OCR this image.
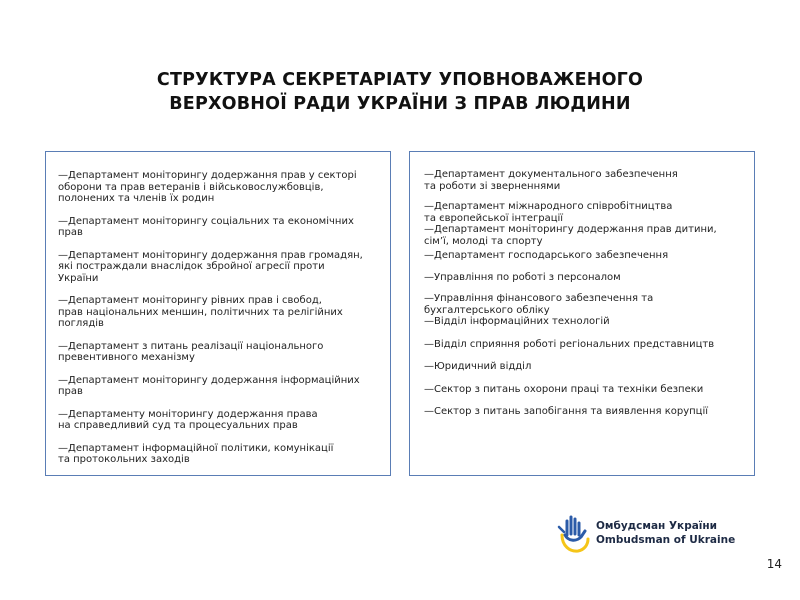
СТРУКТУРА СЕКРЕТАРІАТУ УПОВНОВАЖЕНОГО
ВЕРХОВНОЇ РАДИ УКРАЇНИ З ПРАВ ЛЮДИНИ

—Департамент моніторингу додержання прав у секторі
оборони та прав ветеранів і військовослужбовців,
полонених та членів їх родин

—Департамент моніторингу соціальних та економічних
прав

—Департамент моніторингу додержання прав громадян,
які постраждали внаслідок збройної агресії проти
України

—Департамент моніторингу рівних прав і свобод,
прав національних меншин, політичних та релігійних
поглядів

—Департамент з питань реалізації національного
превентивного механізму

—Департамент моніторингу додержання інформаційних
прав

—Департаменту моніторингу додержання права
на справедливий суд та процесуальних прав

—Департамент інформаційної політики, комунікації
та протокольних заходів

—Департамент документального забезпечення
та роботи зі зверненнями

—Департамент міжнародного співробітництва
та європейської інтеграції

—Департамент моніторингу додержання прав дитини,
сім’ї, молоді та спорту

—Департамент господарського забезпечення

—Управління по роботі з персоналом

—Управління фінансового забезпечення та
бухгалтерського обліку

—Відділ інформаційних технологій

—Відділ сприяння роботі регіональних представництв

—Юридичний відділ

—Сектор з питань охорони праці та техніки безпеки

—Сектор з питань запобігання та виявлення корупції

Омбудсман України
Ombudsman of Ukraine
14
